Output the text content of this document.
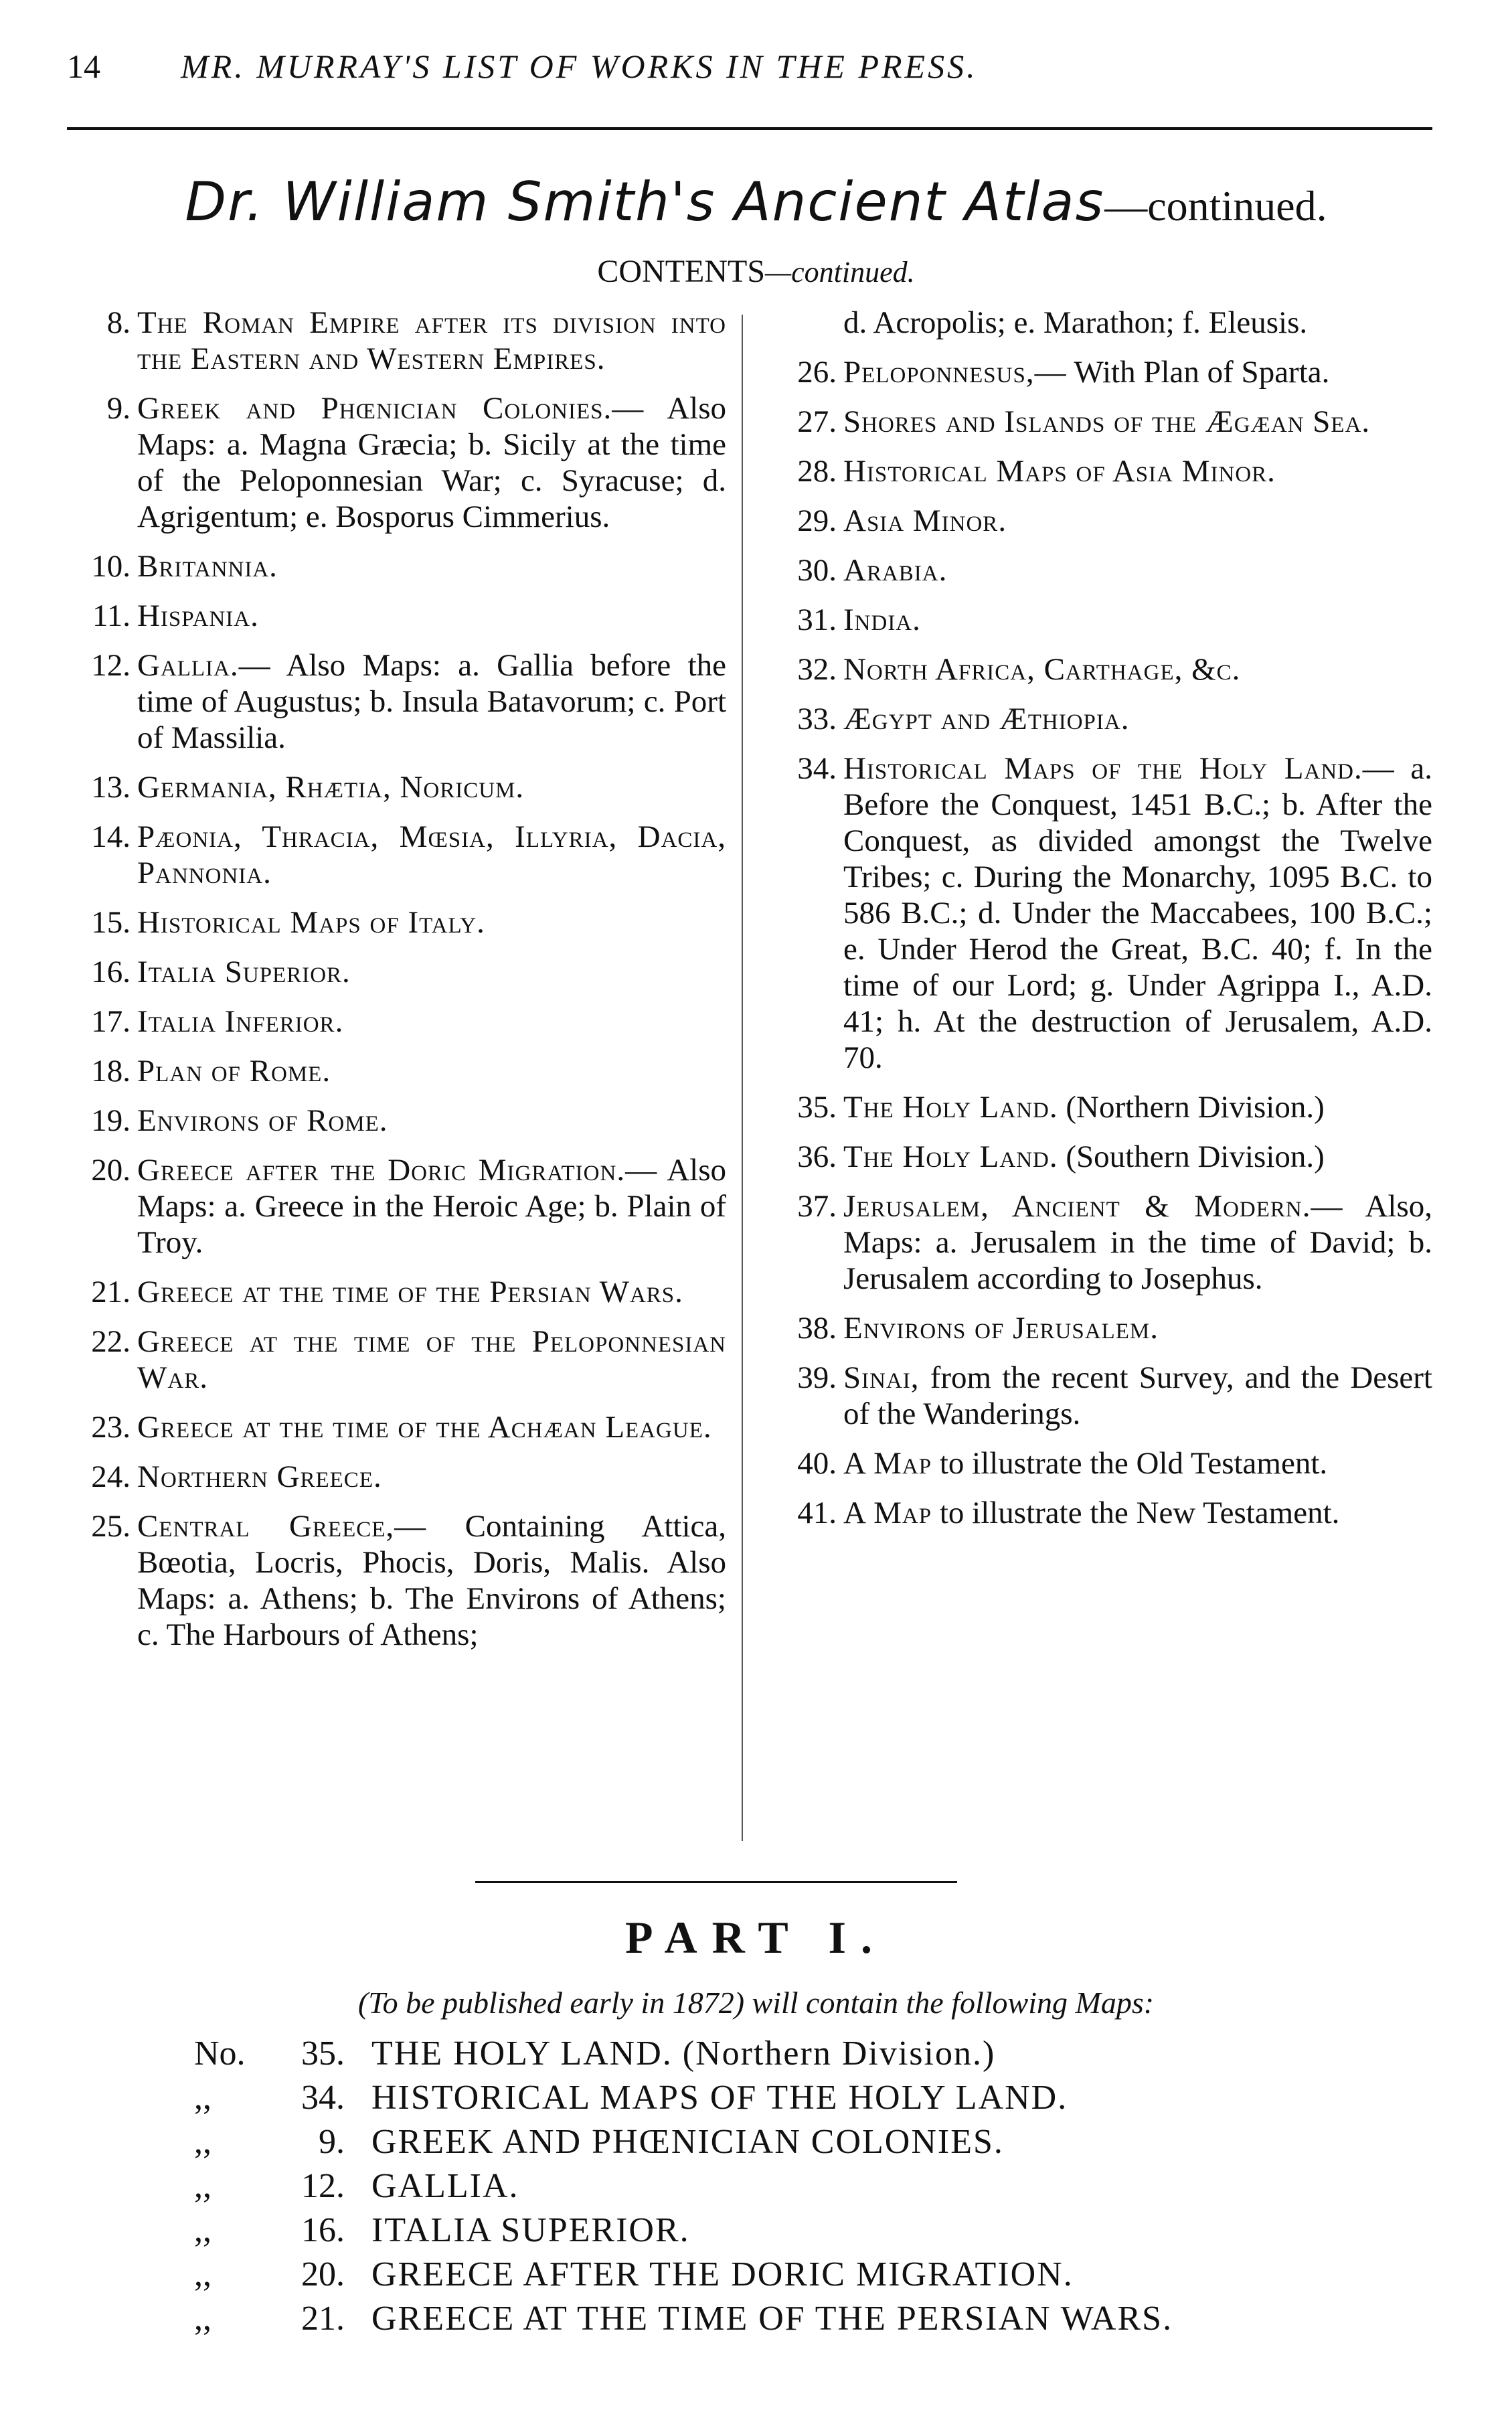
14	MR. MURRAY'S LIST OF WORKS IN THE PRESS.
Dr. William Smith's Ancient Atlas—continued.
CONTENTS—continued.
8. The Roman Empire after its division into the Eastern and Western Empires.
9. Greek and Phœnician Colonies.— Also Maps: a. Magna Græcia; b. Sicily at the time of the Peloponnesian War; c. Syracuse; d. Agrigentum; e. Bosporus Cimmerius.
10. Britannia.
11. Hispania.
12. Gallia.— Also Maps: a. Gallia before the time of Augustus; b. Insula Batavorum; c. Port of Massilia.
13. Germania, Rhætia, Noricum.
14. Pæonia, Thracia, Mœsia, Illyria, Dacia, Pannonia.
15. Historical Maps of Italy.
16. Italia Superior.
17. Italia Inferior.
18. Plan of Rome.
19. Environs of Rome.
20. Greece after the Doric Migration.— Also Maps: a. Greece in the Heroic Age; b. Plain of Troy.
21. Greece at the time of the Persian Wars.
22. Greece at the time of the Peloponnesian War.
23. Greece at the time of the Achæan League.
24. Northern Greece.
25. Central Greece,— Containing Attica, Bœotia, Locris, Phocis, Doris, Malis. Also Maps: a. Athens; b. The Environs of Athens; c. The Harbours of Athens;
d. Acropolis; e. Marathon; f. Eleusis.
26. Peloponnesus,— With Plan of Sparta.
27. Shores and Islands of the Ægæan Sea.
28. Historical Maps of Asia Minor.
29. Asia Minor.
30. Arabia.
31. India.
32. North Africa, Carthage, &c.
33. Ægypt and Æthiopia.
34. Historical Maps of the Holy Land.— a. Before the Conquest, 1451 B.C.; b. After the Conquest, as divided amongst the Twelve Tribes; c. During the Monarchy, 1095 B.C. to 586 B.C.; d. Under the Maccabees, 100 B.C.; e. Under Herod the Great, B.C. 40; f. In the time of our Lord; g. Under Agrippa I., A.D. 41; h. At the destruction of Jerusalem, A.D. 70.
35. The Holy Land. (Northern Division.)
36. The Holy Land. (Southern Division.)
37. Jerusalem, Ancient & Modern.— Also, Maps: a. Jerusalem in the time of David; b. Jerusalem according to Josephus.
38. Environs of Jerusalem.
39. Sinai, from the recent Survey, and the Desert of the Wanderings.
40. A Map to illustrate the Old Testament.
41. A Map to illustrate the New Testament.
PART I.
(To be published early in 1872) will contain the following Maps:
No.	35. THE HOLY LAND. (Northern Division.)
,,	34. HISTORICAL MAPS OF THE HOLY LAND.
,,	9. GREEK AND PHŒNICIAN COLONIES.
,,	12. GALLIA.
,,	16. ITALIA SUPERIOR.
,,	20. GREECE AFTER THE DORIC MIGRATION.
,,	21. GREECE AT THE TIME OF THE PERSIAN WARS.
